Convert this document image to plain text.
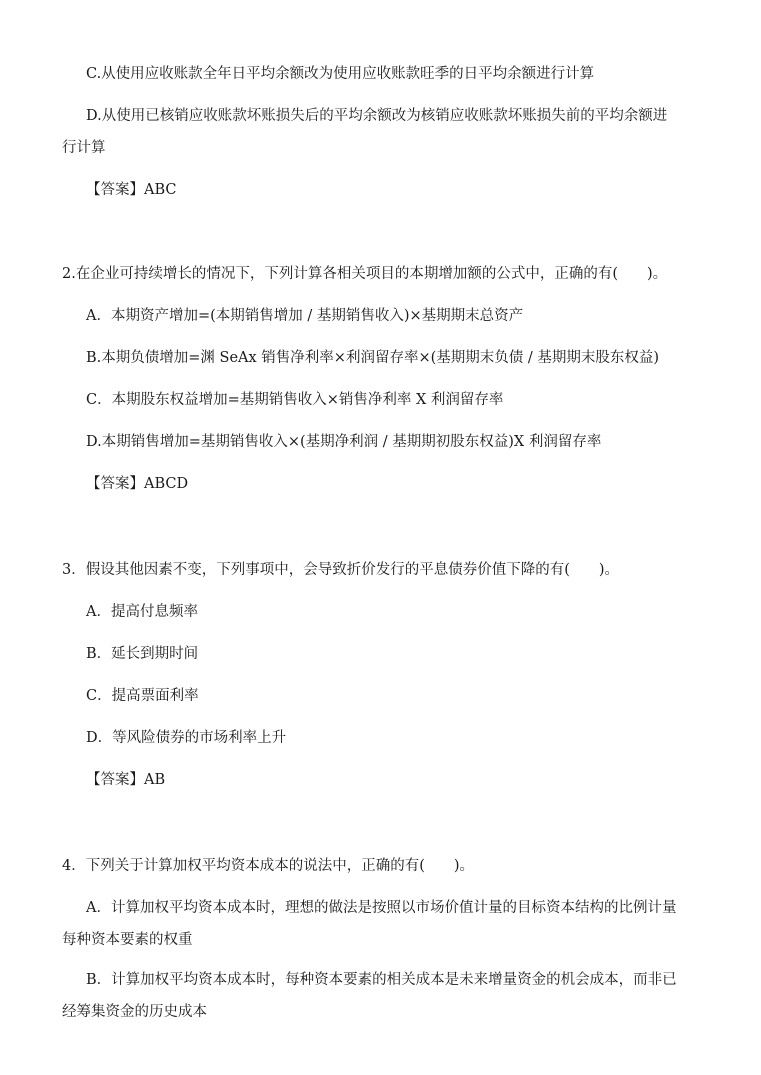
C.从使用应收账款全年日平均余额改为使用应收账款旺季的日平均余额进行计算
D.从使用已核销应收账款坏账损失后的平均余额改为核销应收账款坏账损失前的平均余额进
行计算
【答案】ABC
2.在企业可持续增长的情况下，下列计算各相关项目的本期增加额的公式中，正确的有(　　)。
A．本期资产增加=(本期销售增加 / 基期销售收入)×基期期末总资产
B.本期负债增加=渊 SeAx 销售净利率×利润留存率×(基期期末负债 / 基期期末股东权益)
C．本期股东权益增加=基期销售收入×销售净利率 X 利润留存率
D.本期销售增加=基期销售收入×(基期净利润 / 基期期初股东权益)X 利润留存率
【答案】ABCD
3．假设其他因素不变，下列事项中，会导致折价发行的平息债券价值下降的有(　　)。
A．提高付息频率
B．延长到期时间
C．提高票面利率
D．等风险债券的市场利率上升
【答案】AB
4．下列关于计算加权平均资本成本的说法中，正确的有(　　)。
A．计算加权平均资本成本时，理想的做法是按照以市场价值计量的目标资本结构的比例计量
每种资本要素的权重
B．计算加权平均资本成本时，每种资本要素的相关成本是未来增量资金的机会成本，而非已
经筹集资金的历史成本
